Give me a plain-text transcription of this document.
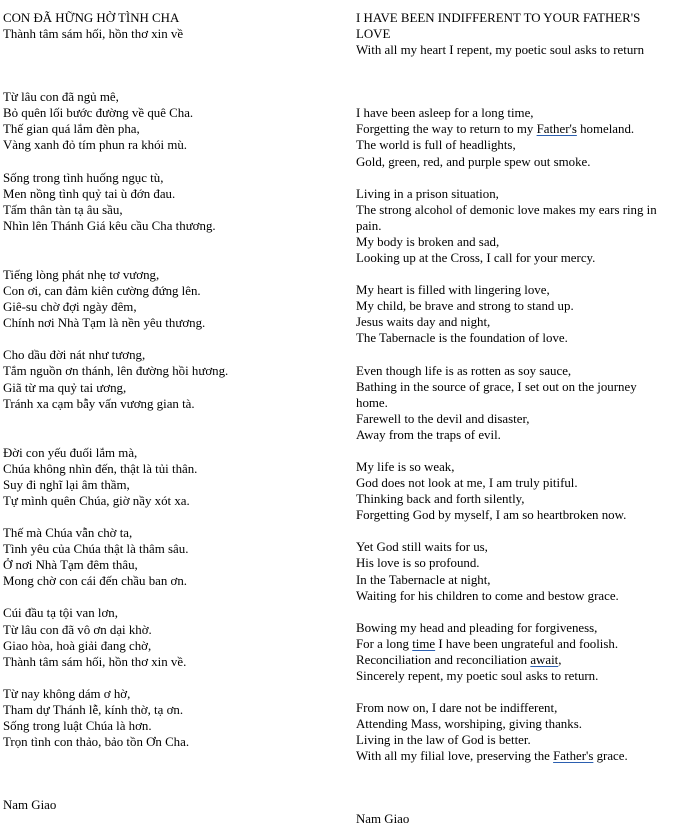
CON ĐÃ HỮNG HỜ TÌNH CHA
Thành tâm sám hối, hồn thơ xin về
Từ lâu con đã ngủ mê,
Bỏ quên lối bước đường về quê Cha.
Thế gian quá lắm đèn pha,
Vàng xanh đỏ tím phun ra khói mù.
Sống trong tình huống ngục tù,
Men nồng tình quỷ tai ù đớn đau.
Tấm thân tàn tạ âu sầu,
Nhìn lên Thánh Giá kêu cầu Cha thương.
Tiếng lòng phát nhẹ tơ vương,
Con ơi, can đảm kiên cường đứng lên.
Giê-su chờ đợi ngày đêm,
Chính nơi Nhà Tạm là nền yêu thương.
Cho dầu đời nát như tương,
Tắm nguồn ơn thánh, lên đường hồi hương.
Giã từ ma quỷ tai ương,
Tránh xa cạm bẫy vấn vương gian tà.
Đời con yếu đuối lắm mà,
Chúa không nhìn đến, thật là tủi thân.
Suy đi nghĩ lại âm thầm,
Tự mình quên Chúa, giờ nầy xót xa.
Thế mà Chúa vẫn chờ ta,
Tình yêu của Chúa thật là thâm sâu.
Ở nơi Nhà Tạm đêm thâu,
Mong chờ con cái đến chầu ban ơn.
Cúi đầu tạ tội van lơn,
Từ lâu con đã vô ơn dại khờ.
Giao hòa, hoà giải đang chờ,
Thành tâm sám hối, hồn thơ xin về.
Từ nay không dám ơ hờ,
Tham dự Thánh lễ, kính thờ, tạ ơn.
Sống trong luật Chúa là hơn.
Trọn tình con thảo, bảo tồn Ơn Cha.
Nam Giao
I HAVE BEEN INDIFFERENT TO YOUR FATHER'S LOVE
With all my heart I repent, my poetic soul asks to return
I have been asleep for a long time,
Forgetting the way to return to my Father's homeland.
The world is full of headlights,
Gold, green, red, and purple spew out smoke.
Living in a prison situation,
The strong alcohol of demonic love makes my ears ring in pain.
My body is broken and sad,
Looking up at the Cross, I call for your mercy.
My heart is filled with lingering love,
My child, be brave and strong to stand up.
Jesus waits day and night,
The Tabernacle is the foundation of love.
Even though life is as rotten as soy sauce,
Bathing in the source of grace, I set out on the journey home.
Farewell to the devil and disaster,
Away from the traps of evil.
My life is so weak,
God does not look at me, I am truly pitiful.
Thinking back and forth silently,
Forgetting God by myself, I am so heartbroken now.
Yet God still waits for us,
His love is so profound.
In the Tabernacle at night,
Waiting for his children to come and bestow grace.
Bowing my head and pleading for forgiveness,
For a long time I have been ungrateful and foolish.
Reconciliation and reconciliation await,
Sincerely repent, my poetic soul asks to return.
From now on, I dare not be indifferent,
Attending Mass, worshiping, giving thanks.
Living in the law of God is better.
With all my filial love, preserving the Father's grace.
Nam Giao
